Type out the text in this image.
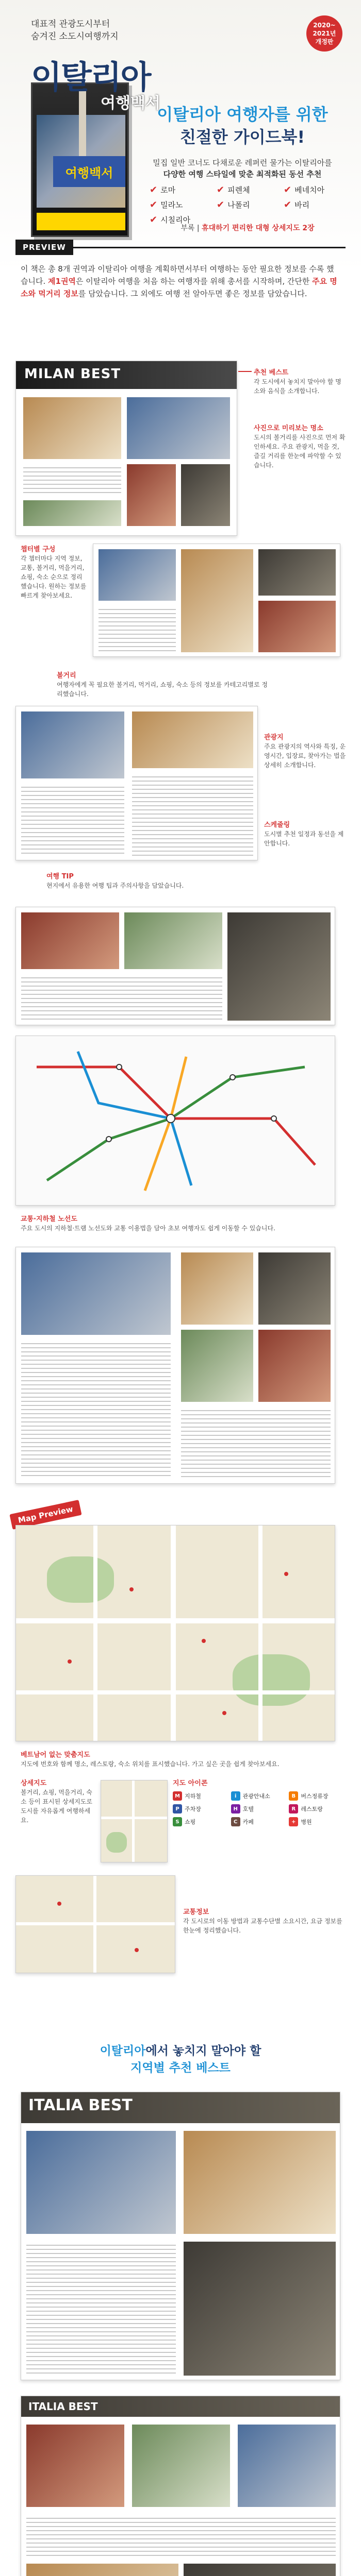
대표적 관광도시부터
숨겨진 소도시여행까지
2020~
2021년
개정판
여행백서
이탈리아
여행백서
이탈리아 여행자를 위한
친절한 가이드북!
밀집 일반 코너도 다채로운 레퍼런 물가는 이탈리아를
다양한 여행 스타일에 맞춘 최적화된 동선 추천
✔ 로마	✔ 피렌체	✔ 베네치아
✔ 밀라노	✔ 나폴리	✔ 바리
✔ 시칠리아
부록 | 휴대하기 편리한 대형 상세지도 2장
PREVIEW
이 책은 총 8개 권역과 이탈리아 여행을 계획하면서부터 여행하는 동안 필요한 정보를 수록 했습니다. 제1권역은 이탈리아 여행을 처음 하는 여행자를 위해 총서를 시작하며, 간단한 주요 명소와 먹거리 정보를 담았습니다. 그 외에도 여행 전 알아두면 좋은 정보를 담았습니다.
MILAN BEST	추천 베스트
각 도시에서 놓치지 말아야 할 명소와 음식을 소개합니다.
사진으로 미리보는 명소
도시의 볼거리를 사진으로 먼저 확인하세요. 주요 관광지, 먹을 것, 즐길 거리를 한눈에 파악할 수 있습니다.
챕터별 구성
각 챕터마다 지역 정보, 교통, 볼거리, 먹을거리, 쇼핑, 숙소 순으로 정리했습니다. 원하는 정보를 빠르게 찾아보세요.
볼거리
여행자에게 꼭 필요한 볼거리, 먹거리, 쇼핑, 숙소 등의 정보를 카테고리별로 정리했습니다.
관광지
주요 관광지의 역사와 특징, 운영시간, 입장료, 찾아가는 법을 상세히 소개합니다.
스케줄링
도시별 추천 일정과 동선을 제안합니다.
여행 TIP
현지에서 유용한 여행 팁과 주의사항을 담았습니다.
교통·지하철 노선도
주요 도시의 지하철·트램 노선도와 교통 이용법을 담아 초보 여행자도 쉽게 이동할 수 있습니다.
Map Preview
베트남어 없는 맞춤지도
지도에 번호와 함께 명소, 레스토랑, 숙소 위치를 표시했습니다. 가고 싶은 곳을 쉽게 찾아보세요.
상세지도
볼거리, 쇼핑, 먹을거리, 숙소 등이 표시된 상세지도로 도시를 자유롭게 여행하세요.
지도 아이콘
M 지하철	i	관광안내소	B 버스정류장
P 주차장	H 호텔	R 레스토랑
S 쇼핑	C 카페	+ 병원
교통정보
각 도시로의 이동 방법과 교통수단별 소요시간, 요금 정보를 한눈에 정리했습니다.
이탈리아에서 놓치지 말아야 할
지역별 추천 베스트
ITALIA BEST
ITALIA BEST
